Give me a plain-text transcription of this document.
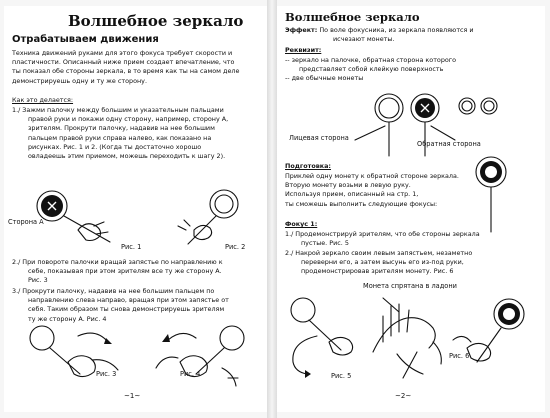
Волшебное зеркало
Отрабатываем движения
Техника движений руками для этого фокуса требует скорости и
пластичности. Описанный ниже прием создает впечатление, что
ты показал обе стороны зеркала, в то время как ты на самом деле
демонстрируешь одну и ту же сторону.
Как это делается:
1./ Зажми палочку между большим и указательным пальцами
правой руки и покажи одну сторону, например, сторону А,
зрителям. Прокрути палочку, надавив на нее большим
пальцем правой руки справа налево, как показано на
рисунках. Рис. 1 и 2. (Когда ты достаточно хорошо
овладеешь этим приемом, можешь переходить к шагу 2).
Сторона А
Рис. 1	Рис. 2
2./ При повороте палочки вращай запястье по направлению к
себе, показывая при этом зрителям все ту же сторону А.
Рис. 3
3./ Прокрути палочку, надавив на нее большим пальцем по
направлению слева направо, вращая при этом запястье от
себя. Таким образом ты снова демонстрируешь зрителям
ту же сторону А. Рис. 4
Рис. 3	Рис. 4
~1~
Волшебное зеркало
Эффект: По воле фокусника, из зеркала появляются и
исчезают монеты.
Реквизит:
-- зеркало на палочке, обратная сторона которого
представляет собой клейкую поверхность
-- две обычные монеты
Лицевая сторона
Обратная сторона
Подготовка:
Приклей одну монету к обратной стороне зеркала.
Вторую монету возьми в левую руку.
Используя прием, описанный на стр. 1,
ты сможешь выполнить следующие фокусы:
Фокус 1:
1./ Продемонстрируй зрителям, что обе стороны зеркала
пустые. Рис. 5
2./ Накрой зеркало своим левым запястьем, незаметно
переверни его, а затем высунь его из-под руки,
продемонстрировав зрителям монету. Рис. 6
Монета спрятана в ладони
Рис. 5
Рис. 6
~2~
